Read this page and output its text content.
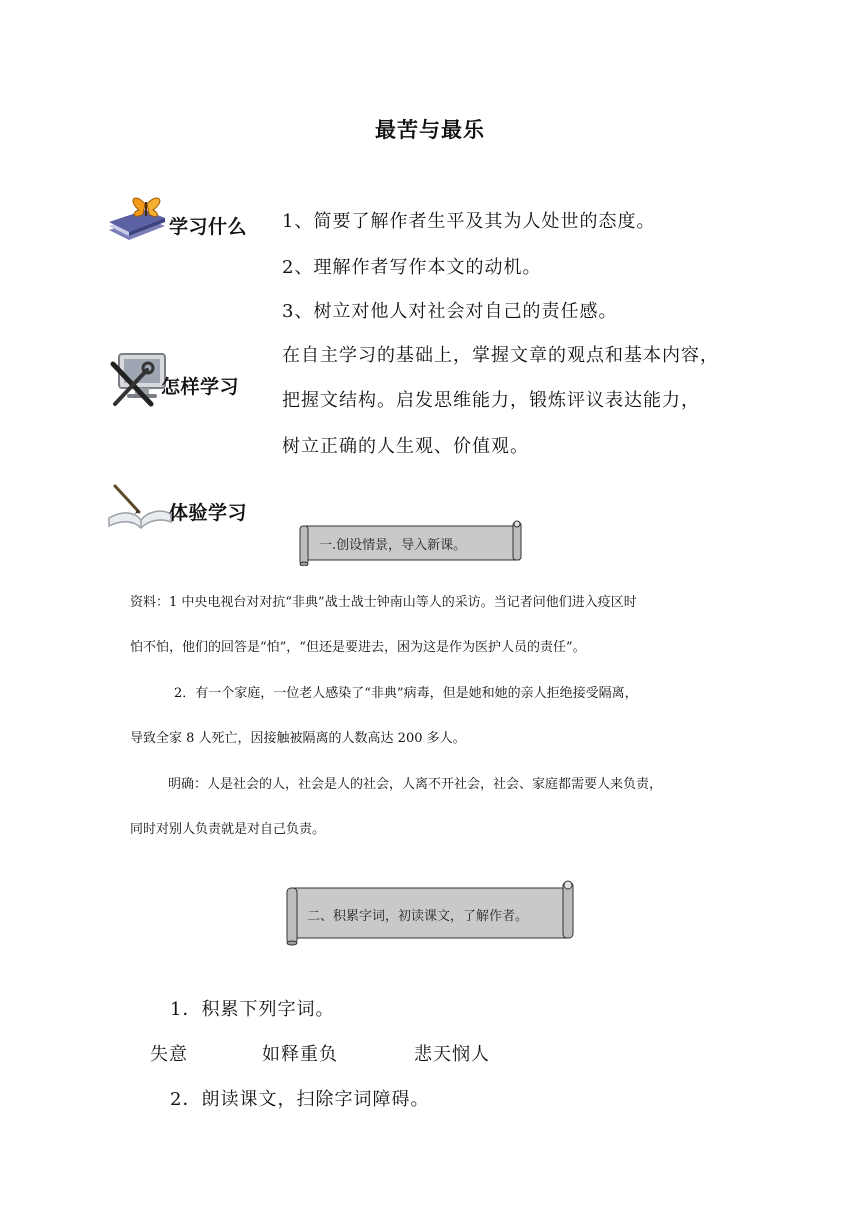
最苦与最乐
学习什么 1、简要了解作者生平及其为人处世的态度。
2、理解作者写作本文的动机。
3、树立对他人对社会对自己的责任感。
怎样学习
在自主学习的基础上，掌握文章的观点和基本内容，
把握文结构。启发思维能力，锻炼评议表达能力，
树立正确的人生观、价值观。
体验学习
一.创设情景，导入新课。
资料：1 中央电视台对对抗“非典”战士战士钟南山等人的采访。当记者问他们进入疫区时
怕不怕，他们的回答是“怕”，“但还是要进去，困为这是作为医护人员的责任”。
2．有一个家庭，一位老人感染了“非典”病毒，但是她和她的亲人拒绝接受隔离，
导致全家 8 人死亡，因接触被隔离的人数高达 200 多人。
明确：人是社会的人，社会是人的社会，人离不开社会，社会、家庭都需要人来负责，
同时对别人负责就是对自己负责。
二、积累字词，初读课文，了解作者。
1．积累下列字词。
失意	如释重负	悲天悯人
2．朗读课文，扫除字词障碍。
